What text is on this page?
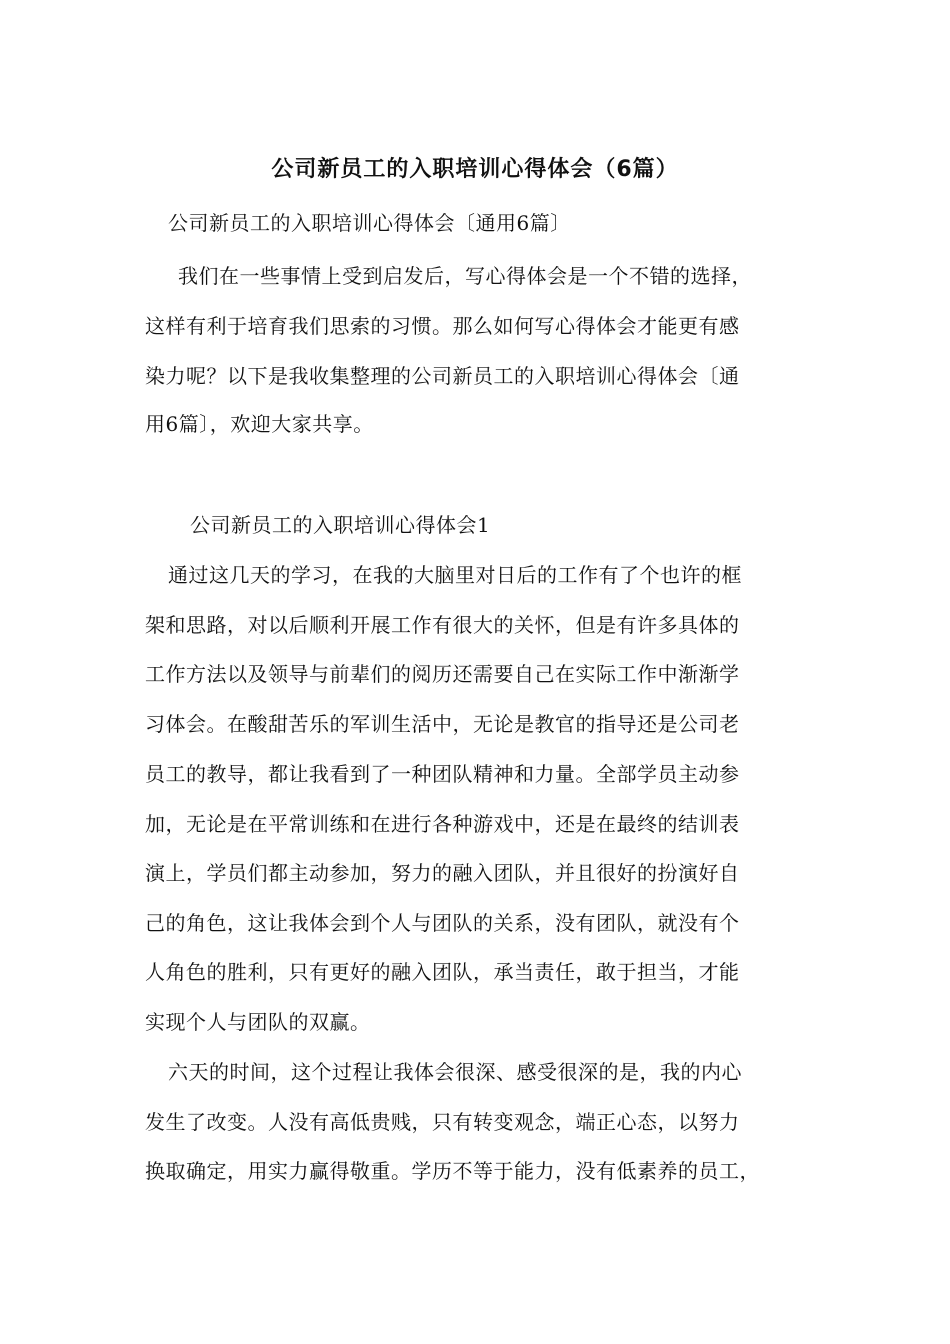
公司新员工的入职培训心得体会（6篇）
公司新员工的入职培训心得体会〔通用6篇〕
我们在一些事情上受到启发后，写心得体会是一个不错的选择，
这样有利于培育我们思索的习惯。那么如何写心得体会才能更有感
染力呢？以下是我收集整理的公司新员工的入职培训心得体会〔通
用6篇〕，欢迎大家共享。
公司新员工的入职培训心得体会1
通过这几天的学习，在我的大脑里对日后的工作有了个也许的框
架和思路，对以后顺利开展工作有很大的关怀，但是有许多具体的
工作方法以及领导与前辈们的阅历还需要自己在实际工作中渐渐学
习体会。在酸甜苦乐的军训生活中，无论是教官的指导还是公司老
员工的教导，都让我看到了一种团队精神和力量。全部学员主动参
加，无论是在平常训练和在进行各种游戏中，还是在最终的结训表
演上，学员们都主动参加，努力的融入团队，并且很好的扮演好自
己的角色，这让我体会到个人与团队的关系，没有团队，就没有个
人角色的胜利，只有更好的融入团队，承当责任，敢于担当，才能
实现个人与团队的双赢。
六天的时间，这个过程让我体会很深、感受很深的是，我的内心
发生了改变。人没有高低贵贱，只有转变观念，端正心态，以努力
换取确定，用实力赢得敬重。学历不等于能力，没有低素养的员工，
